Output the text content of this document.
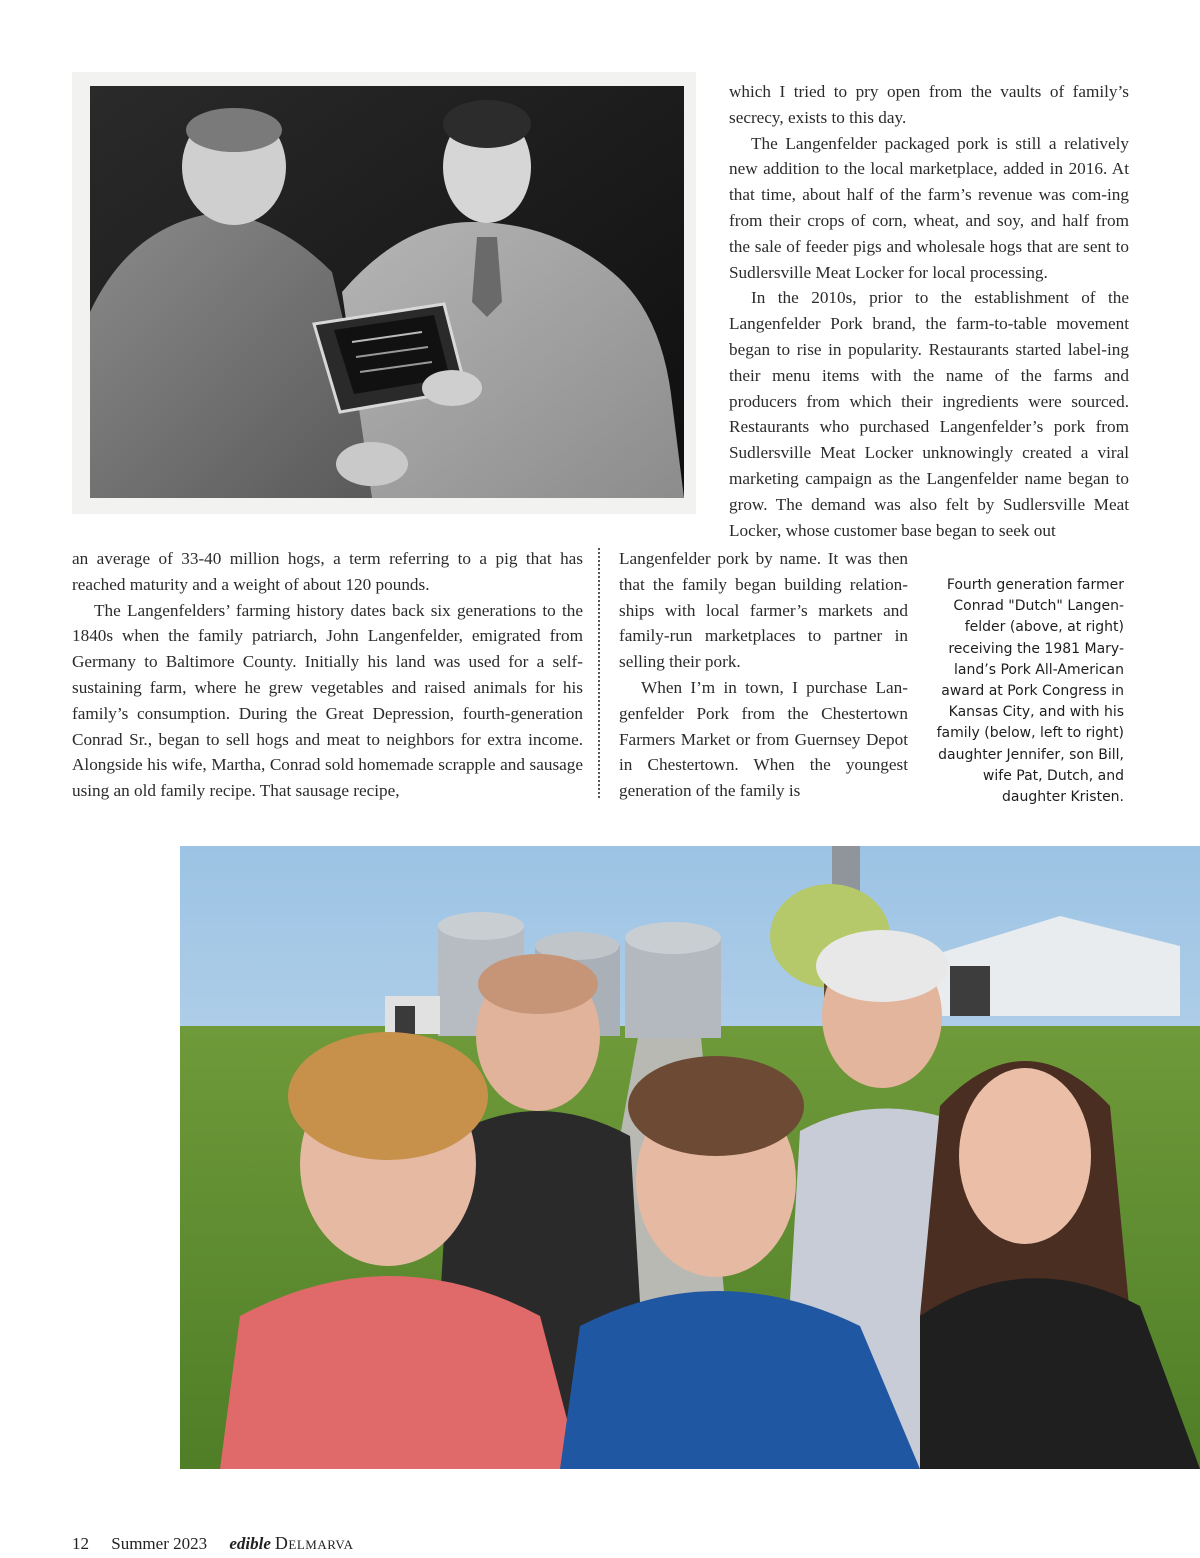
which I tried to pry open from the vaults of family’s secrecy, exists to this day.

The Langenfelder packaged pork is still a relatively new addition to the local marketplace, added in 2016. At that time, about half of the farm’s revenue was com-ing from their crops of corn, wheat, and soy, and half from the sale of feeder pigs and wholesale hogs that are sent to Sudlersville Meat Locker for local processing.

In the 2010s, prior to the establishment of the Langenfelder Pork brand, the farm-to-table movement began to rise in popularity. Restaurants started label-ing their menu items with the name of the farms and producers from which their ingredients were sourced. Restaurants who purchased Langenfelder’s pork from Sudlersville Meat Locker unknowingly created a viral marketing campaign as the Langenfelder name began to grow. The demand was also felt by Sudlersville Meat Locker, whose customer base began to seek out

an average of 33-40 million hogs, a term referring to a pig that has reached maturity and a weight of about 120 pounds.

The Langenfelders’ farming history dates back six generations to the 1840s when the family patriarch, John Langenfelder, emigrated from Germany to Baltimore County. Initially his land was used for a self-sustaining farm, where he grew vegetables and raised animals for his family’s consumption. During the Great Depression, fourth-generation Conrad Sr., began to sell hogs and meat to neighbors for extra income. Alongside his wife, Martha, Conrad sold homemade scrapple and sausage using an old family recipe. That sausage recipe,

Langenfelder pork by name. It was then that the family began building relation-ships with local farmer’s markets and family-run marketplaces to partner in selling their pork.

When I’m in town, I purchase Lan-genfelder Pork from the Chestertown Farmers Market or from Guernsey Depot in Chestertown. When the youngest generation of the family is

Fourth generation farmer Conrad "Dutch" Langen-felder (above, at right) receiving the 1981 Mary-land’s Pork All-American award at Pork Congress in Kansas City, and with his family (below, left to right) daughter Jennifer, son Bill, wife Pat, Dutch, and daughter Kristen.
12 Summer 2023 edible Delmarva
